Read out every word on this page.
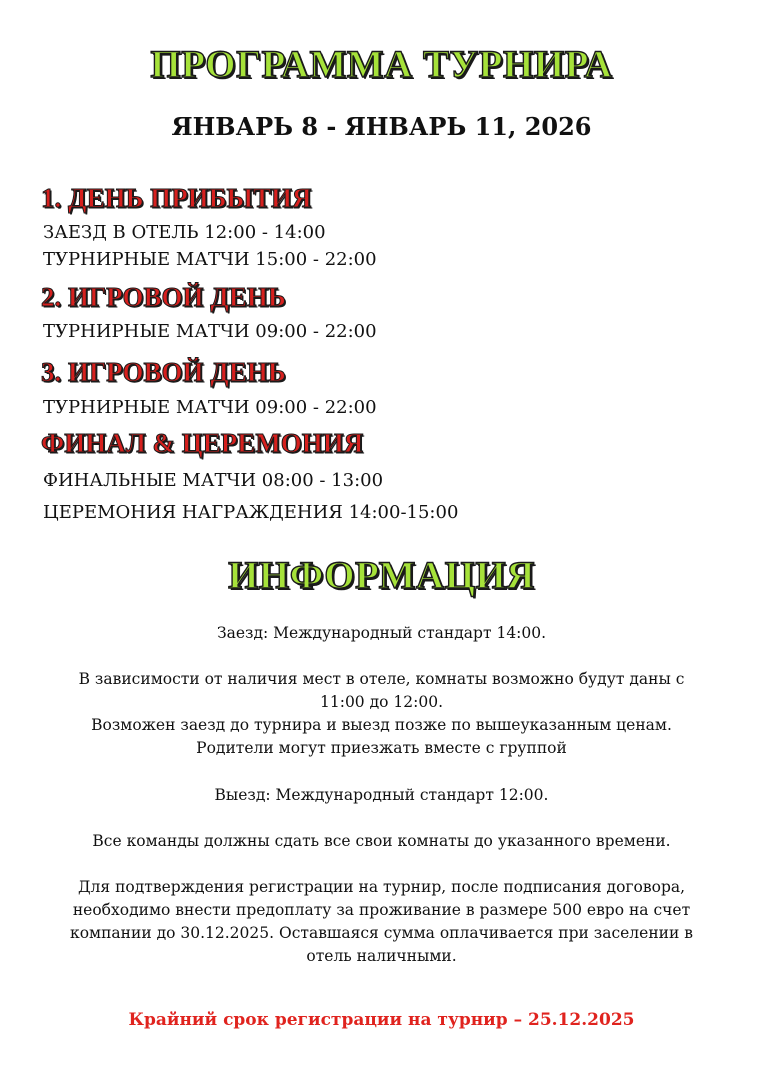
ПРОГРАММА ТУРНИРА
ЯНВАРЬ 8 - ЯНВАРЬ 11, 2026
1. ДЕНЬ ПРИБЫТИЯ
ЗАЕЗД В ОТЕЛЬ 12:00 - 14:00
ТУРНИРНЫЕ МАТЧИ 15:00 - 22:00
2. ИГРОВОЙ ДЕНЬ
ТУРНИРНЫЕ МАТЧИ 09:00 - 22:00
3. ИГРОВОЙ ДЕНЬ
ТУРНИРНЫЕ МАТЧИ 09:00 - 22:00
ФИНАЛ & ЦЕРЕМОНИЯ
ФИНАЛЬНЫЕ МАТЧИ 08:00 - 13:00
ЦЕРЕМОНИЯ НАГРАЖДЕНИЯ 14:00-15:00
ИНФОРМАЦИЯ
Заезд: Международный стандарт 14:00.
В зависимости от наличия мест в отеле, комнаты возможно будут даны с
11:00 до 12:00.
Возможен заезд до турнира и выезд позже по вышеуказанным ценам.
Родители могут приезжать вместе с группой
Выезд: Международный стандарт 12:00.
Все команды должны сдать все свои комнаты до указанного времени.
Для подтверждения регистрации на турнир, после подписания договора,
необходимо внести предоплату за проживание в размере 500 евро на счет
компании до 30.12.2025. Оставшаяся сумма оплачивается при заселении в
отель наличными.
Крайний срок регистрации на турнир – 25.12.2025
